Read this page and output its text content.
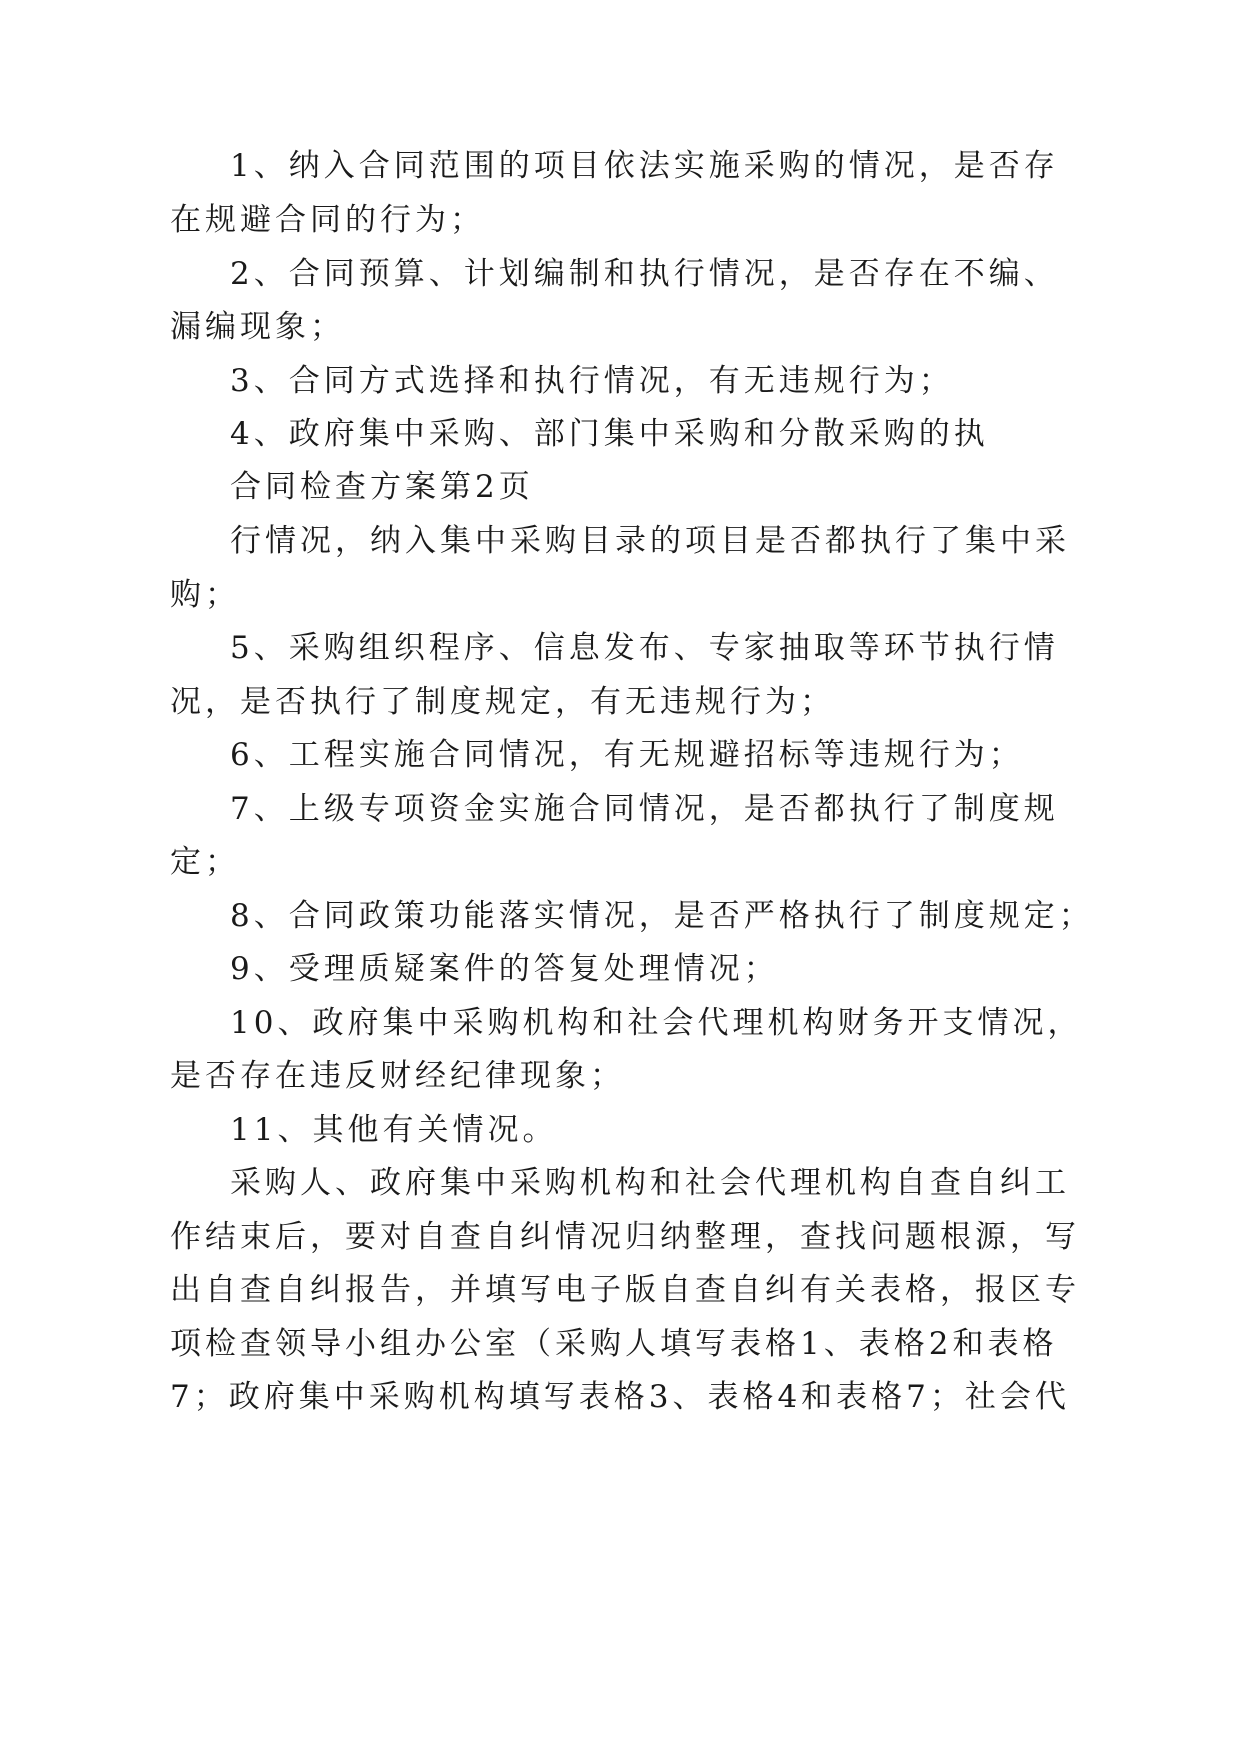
1、纳入合同范围的项目依法实施采购的情况，是否存
在规避合同的行为；
2、合同预算、计划编制和执行情况，是否存在不编、
漏编现象；
3、合同方式选择和执行情况，有无违规行为；
4、政府集中采购、部门集中采购和分散采购的执
合同检查方案第2页
行情况，纳入集中采购目录的项目是否都执行了集中采
购；
5、采购组织程序、信息发布、专家抽取等环节执行情
况，是否执行了制度规定，有无违规行为；
6、工程实施合同情况，有无规避招标等违规行为；
7、上级专项资金实施合同情况，是否都执行了制度规
定；
8、合同政策功能落实情况，是否严格执行了制度规定；
9、受理质疑案件的答复处理情况；
10、政府集中采购机构和社会代理机构财务开支情况，
是否存在违反财经纪律现象；
11、其他有关情况。
采购人、政府集中采购机构和社会代理机构自查自纠工
作结束后，要对自查自纠情况归纳整理，查找问题根源，写
出自查自纠报告，并填写电子版自查自纠有关表格，报区专
项检查领导小组办公室（采购人填写表格1、表格2和表格
7；政府集中采购机构填写表格3、表格4和表格7；社会代
